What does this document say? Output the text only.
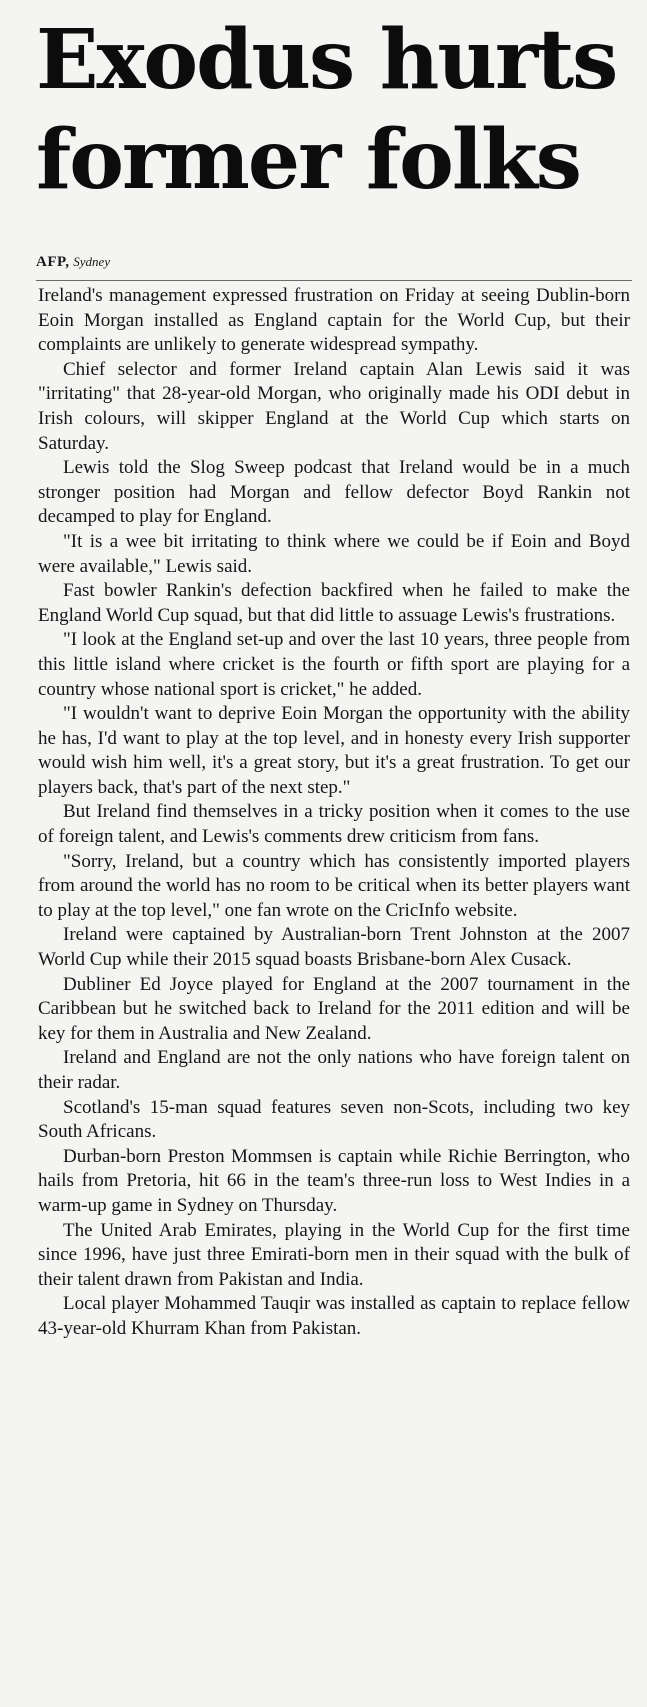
Exodus hurts
former folks
AFP, Sydney

Ireland's management expressed frustration on Friday at seeing Dublin-born Eoin Morgan installed as England captain for the World Cup, but their complaints are unlikely to generate widespread sympathy.

Chief selector and former Ireland captain Alan Lewis said it was "irritating" that 28-year-old Morgan, who originally made his ODI debut in Irish colours, will skipper England at the World Cup which starts on Saturday.

Lewis told the Slog Sweep podcast that Ireland would be in a much stronger position had Morgan and fellow defector Boyd Rankin not decamped to play for England.

"It is a wee bit irritating to think where we could be if Eoin and Boyd were available," Lewis said.

Fast bowler Rankin's defection backfired when he failed to make the England World Cup squad, but that did little to assuage Lewis's frustrations.

"I look at the England set-up and over the last 10 years, three people from this little island where cricket is the fourth or fifth sport are playing for a country whose national sport is cricket," he added.

"I wouldn't want to deprive Eoin Morgan the opportunity with the ability he has, I'd want to play at the top level, and in honesty every Irish supporter would wish him well, it's a great story, but it's a great frustration. To get our players back, that's part of the next step."

But Ireland find themselves in a tricky position when it comes to the use of foreign talent, and Lewis's comments drew criticism from fans.

"Sorry, Ireland, but a country which has consistently imported players from around the world has no room to be critical when its better players want to play at the top level," one fan wrote on the CricInfo website.

Ireland were captained by Australian-born Trent Johnston at the 2007 World Cup while their 2015 squad boasts Brisbane-born Alex Cusack.

Dubliner Ed Joyce played for England at the 2007 tournament in the Caribbean but he switched back to Ireland for the 2011 edition and will be key for them in Australia and New Zealand.

Ireland and England are not the only nations who have foreign talent on their radar.

Scotland's 15-man squad features seven non-Scots, including two key South Africans.

Durban-born Preston Mommsen is captain while Richie Berrington, who hails from Pretoria, hit 66 in the team's three-run loss to West Indies in a warm-up game in Sydney on Thursday.

The United Arab Emirates, playing in the World Cup for the first time since 1996, have just three Emirati-born men in their squad with the bulk of their talent drawn from Pakistan and India.

Local player Mohammed Tauqir was installed as captain to replace fellow 43-year-old Khurram Khan from Pakistan.
